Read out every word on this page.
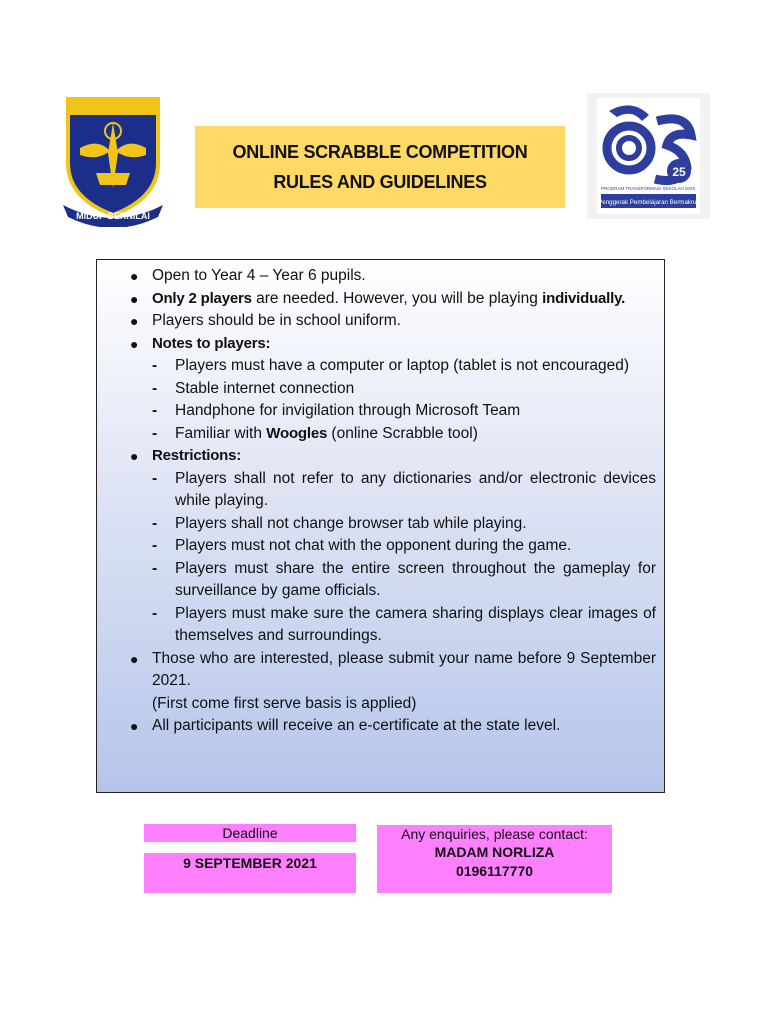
MIDUP BERNILAI
ONLINE SCRABBLE COMPETITION
RULES AND GUIDELINES	25
PROGRAM TRANSFORMASI SEKOLAH 2025
Penggerak Pembelajaran Bermakna
● Open to Year 4 – Year 6 pupils.
● Only 2 players are needed. However, you will be playing individually.
● Players should be in school uniform.
● Notes to players:
- Players must have a computer or laptop (tablet is not encouraged)
- Stable internet connection
- Handphone for invigilation through Microsoft Team
- Familiar with Woogles (online Scrabble tool)
● Restrictions:
- Players shall not refer to any dictionaries and/or electronic devices while playing.
- Players shall not change browser tab while playing.
- Players must not chat with the opponent during the game.
- Players must share the entire screen throughout the gameplay for surveillance by game officials.
- Players must make sure the camera sharing displays clear images of themselves and surroundings.
● Those who are interested, please submit your name before 9 September 2021.
(First come first serve basis is applied)
● All participants will receive an e-certificate at the state level.
Deadline
9 SEPTEMBER 2021
Any enquiries, please contact:
MADAM NORLIZA
0196117770
